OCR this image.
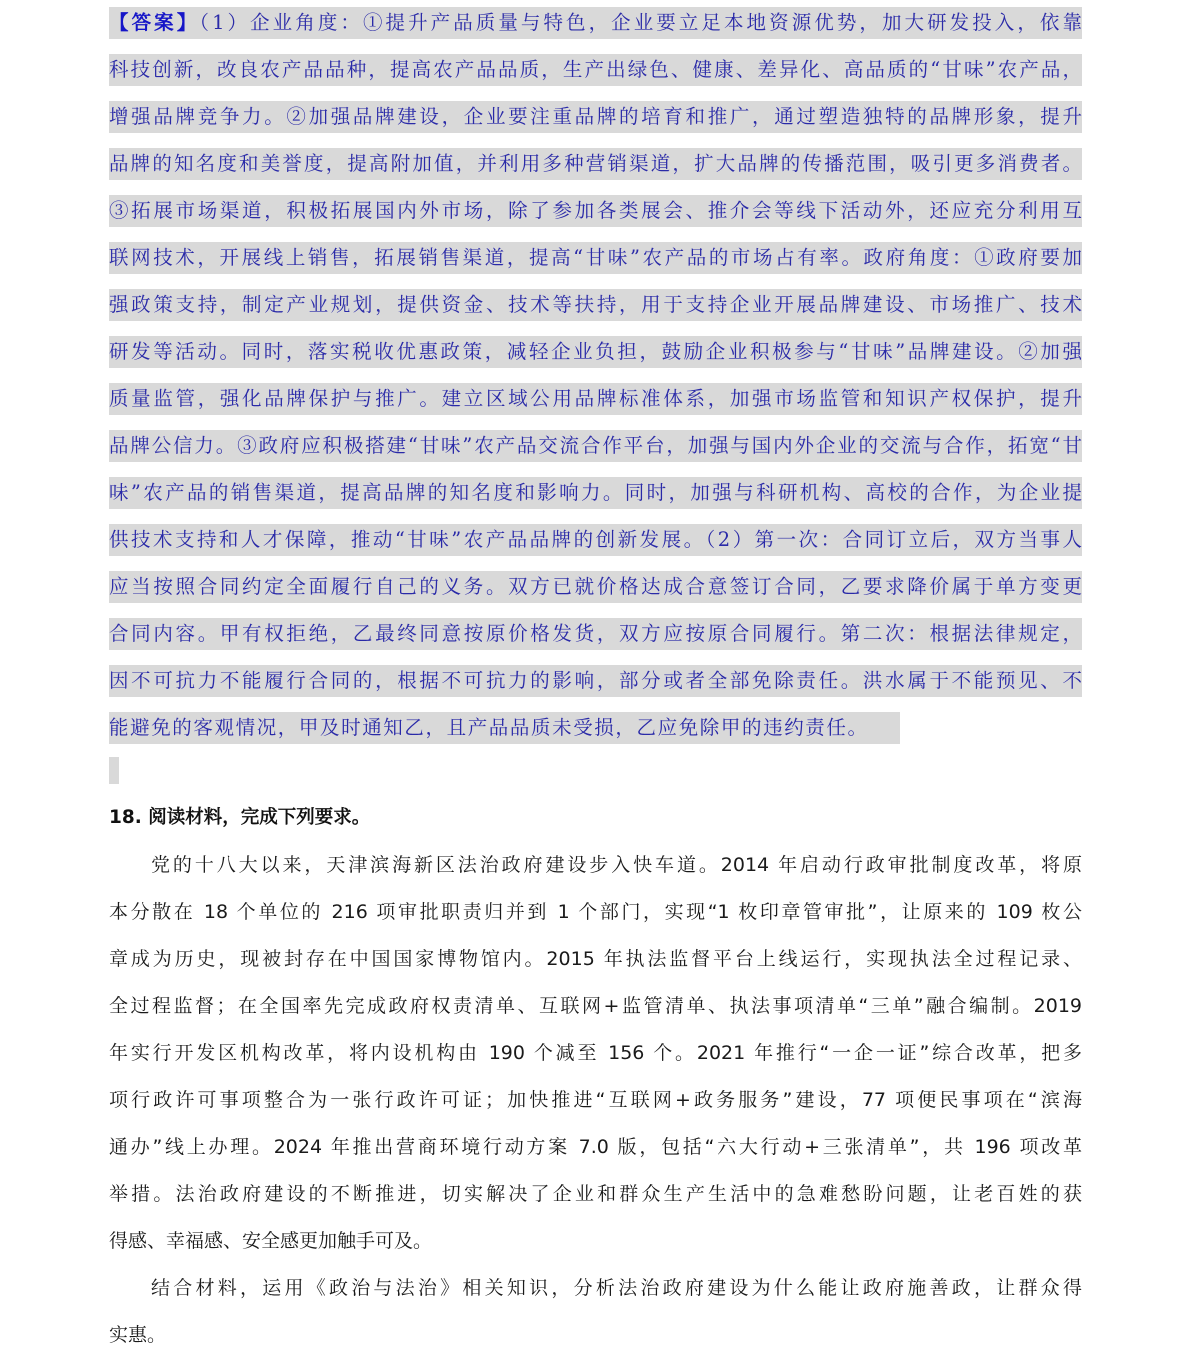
【答案】（1）企业角度：①提升产品质量与特色，企业要立足本地资源优势，加大研发投入，依靠
科技创新，改良农产品品种，提高农产品品质，生产出绿色、健康、差异化、高品质的“甘味”农产品，
增强品牌竞争力。②加强品牌建设，企业要注重品牌的培育和推广，通过塑造独特的品牌形象，提升
品牌的知名度和美誉度，提高附加值，并利用多种营销渠道，扩大品牌的传播范围，吸引更多消费者。
③拓展市场渠道，积极拓展国内外市场，除了参加各类展会、推介会等线下活动外，还应充分利用互
联网技术，开展线上销售，拓展销售渠道，提高“甘味”农产品的市场占有率。政府角度：①政府要加
强政策支持，制定产业规划，提供资金、技术等扶持，用于支持企业开展品牌建设、市场推广、技术
研发等活动。同时，落实税收优惠政策，减轻企业负担，鼓励企业积极参与“甘味”品牌建设。②加强
质量监管，强化品牌保护与推广。建立区域公用品牌标准体系，加强市场监管和知识产权保护，提升
品牌公信力。③政府应积极搭建“甘味”农产品交流合作平台，加强与国内外企业的交流与合作，拓宽“甘
味”农产品的销售渠道，提高品牌的知名度和影响力。同时，加强与科研机构、高校的合作，为企业提
供技术支持和人才保障，推动“甘味”农产品品牌的创新发展。（2）第一次：合同订立后，双方当事人
应当按照合同约定全面履行自己的义务。双方已就价格达成合意签订合同，乙要求降价属于单方变更
合同内容。甲有权拒绝，乙最终同意按原价格发货，双方应按原合同履行。第二次：根据法律规定，
因不可抗力不能履行合同的，根据不可抗力的影响，部分或者全部免除责任。洪水属于不能预见、不
能避免的客观情况，甲及时通知乙，且产品品质未受损，乙应免除甲的违约责任。
18. 阅读材料，完成下列要求。
党的十八大以来，天津滨海新区法治政府建设步入快车道。2014 年启动行政审批制度改革，将原
本分散在 18 个单位的 216 项审批职责归并到 1 个部门，实现“1 枚印章管审批”，让原来的 109 枚公
章成为历史，现被封存在中国国家博物馆内。2015 年执法监督平台上线运行，实现执法全过程记录、
全过程监督；在全国率先完成政府权责清单、互联网+监管清单、执法事项清单“三单”融合编制。2019
年实行开发区机构改革，将内设机构由 190 个减至 156 个。2021 年推行“一企一证”综合改革，把多
项行政许可事项整合为一张行政许可证；加快推进“互联网+政务服务”建设，77 项便民事项在“滨海
通办”线上办理。2024 年推出营商环境行动方案 7.0 版，包括“六大行动+三张清单”，共 196 项改革
举措。法治政府建设的不断推进，切实解决了企业和群众生产生活中的急难愁盼问题，让老百姓的获
得感、幸福感、安全感更加触手可及。
结合材料，运用《政治与法治》相关知识，分析法治政府建设为什么能让政府施善政，让群众得
实惠。
